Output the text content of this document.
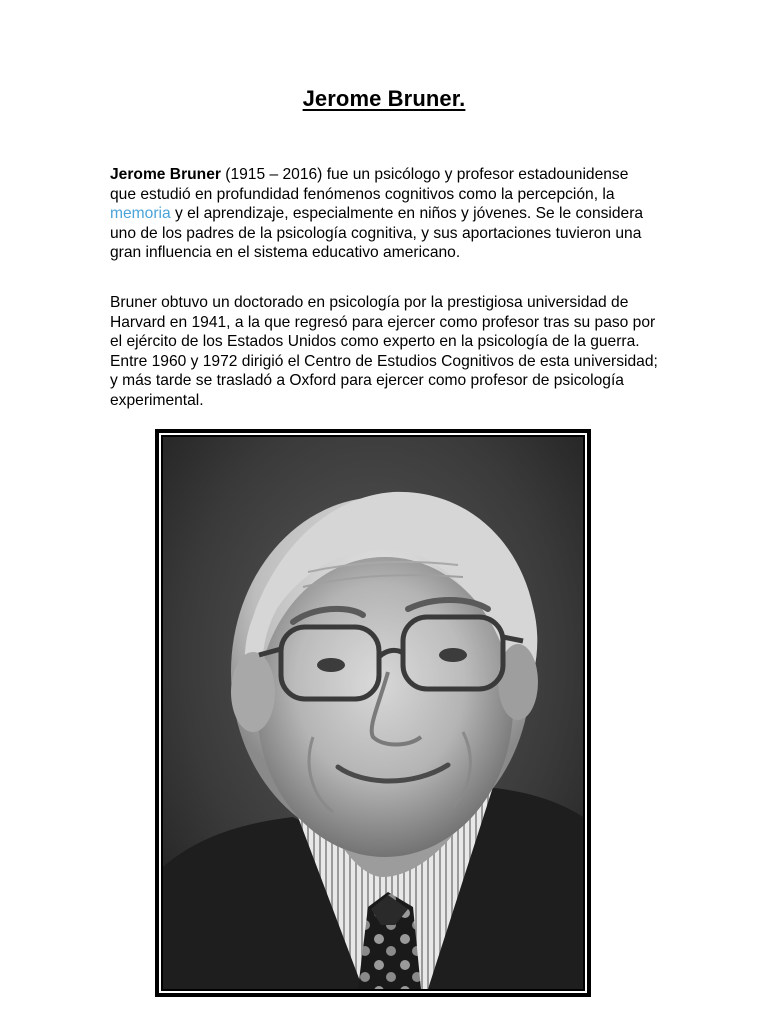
Jerome Bruner.

Jerome Bruner (1915 – 2016) fue un psicólogo y profesor estadounidense que estudió en profundidad fenómenos cognitivos como la percepción, la memoria y el aprendizaje, especialmente en niños y jóvenes. Se le considera uno de los padres de la psicología cognitiva, y sus aportaciones tuvieron una gran influencia en el sistema educativo americano.

Bruner obtuvo un doctorado en psicología por la prestigiosa universidad de Harvard en 1941, a la que regresó para ejercer como profesor tras su paso por el ejército de los Estados Unidos como experto en la psicología de la guerra. Entre 1960 y 1972 dirigió el Centro de Estudios Cognitivos de esta universidad; y más tarde se trasladó a Oxford para ejercer como profesor de psicología experimental.
